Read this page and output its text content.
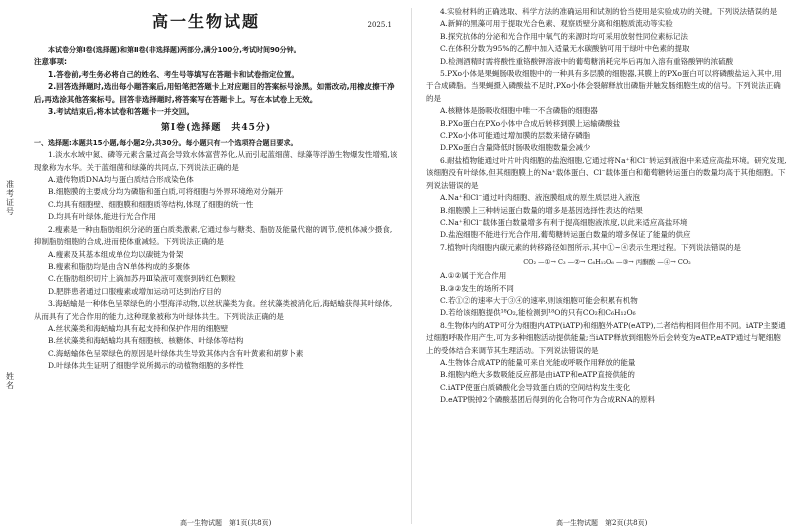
准考证号
姓名
高一生物试题	2025.1

本试卷分第Ⅰ卷(选择题)和第Ⅱ卷(非选择题)两部分,满分100分,考试时间90分钟。

注意事项:

1.答卷前,考生务必将自己的姓名、考生号等填写在答题卡和试卷指定位置。

2.回答选择题时,选出每小题答案后,用铅笔把答题卡上对应题目的答案标号涂黑。如需改动,用橡皮擦干净后,再选涂其他答案标号。回答非选择题时,将答案写在答题卡上。写在本试卷上无效。

3.考试结束后,将本试卷和答题卡一并交回。

第Ⅰ卷(选择题　共45分)

一、选择题:本题共15小题,每小题2分,共30分。每小题只有一个选项符合题目要求。

1.淡水水域中氮、磷等元素含量过高会导致水体富营养化,从而引起蓝细菌、绿藻等浮游生物爆发性增殖,该现象称为水华。关于蓝细菌和绿藻的共同点,下列说法正确的是

A.遗传物质DNA均与蛋白质结合形成染色体

B.细胞膜的主要成分均为磷脂和蛋白质,可将细胞与外界环境绝对分隔开

C.均具有细胞壁、细胞膜和细胞质等结构,体现了细胞的统一性

D.均具有叶绿体,能进行光合作用

2.瘦素是一种由脂肪组织分泌的蛋白质类激素,它通过参与糖类、脂肪及能量代谢的调节,使机体减少摄食,抑制脂肪细胞的合成,进而使体重减轻。下列说法正确的是

A.瘦素及其基本组成单位均以碳链为骨架

B.瘦素和脂肪均是由含N单体构成的多聚体

C.在脂肪组织切片上滴加苏丹Ⅲ染液可观察到砖红色颗粒

D.肥胖患者通过口服瘦素或增加运动可达到治疗目的

3.海蛞蝓是一种体色呈翠绿色的小型海洋动物,以丝状藻类为食。丝状藻类被消化后,海蛞蝓获得其叶绿体,从而具有了光合作用的能力,这种现象被称为叶绿体共生。下列说法正确的是

A.丝状藻类和海蛞蝓均具有起支持和保护作用的细胞壁

B.丝状藻类和海蛞蝓均具有细胞核、核糖体、叶绿体等结构

C.海蛞蝓体色呈翠绿色的原因是叶绿体共生导致其体内含有叶黄素和胡萝卜素

D.叶绿体共生证明了细胞学说所揭示的动植物细胞的多样性

4.实验材料的正确选取、科学方法的准确运用和试剂的恰当使用是实验成功的关键。下列说法错误的是

A.新鲜的黑藻可用于提取光合色素、观察质壁分离和细胞质流动等实验

B.探究抗体的分泌和光合作用中氧气的来源时均可采用放射性同位素标记法

C.在体积分数为95%的乙醇中加入适量无水碳酸钠可用于绿叶中色素的提取

D.检测酒精时需将酸性重铬酸钾溶液中的葡萄糖消耗完毕后再加入溶有重铬酸钾的浓硫酸

5.PXo小体是果蝇肠吸收细胞中的一种具有多层膜的细胞器,其膜上的PXo蛋白可以将磷酸盐运入其中,用于合成磷脂。当果蝇摄入磷酸盐不足时,PXo小体会裂解释放出磷脂并触发肠细胞生成的信号。下列说法正确的是

A.核糖体是肠吸收细胞中唯一不含磷脂的细胞器

B.PXo蛋白在PXo小体中合成后转移到膜上运输磷酸盐

C.PXo小体可能通过增加膜的层数来储存磷脂

D.PXo蛋白含量降低时肠吸收细胞数量会减少

6.耐盐植物能通过叶片叶肉细胞的盐泡细胞,它通过将Na⁺和Cl⁻转运到液泡中来适应高盐环境。研究发现,该细胞没有叶绿体,但其细胞膜上的Na⁺载体蛋白、Cl⁻载体蛋白和葡萄糖转运蛋白的数量均高于其他细胞。下列说法错误的是

A.Na⁺和Cl⁻通过叶肉细胞、液泡膜组成的原生质层进入液泡

B.细胞膜上三种转运蛋白数量的增多是基因选择性表达的结果

C.Na⁺和Cl⁻载体蛋白数量增多有利于提高细胞液浓度,以此来适应高盐环境

D.盐泡细胞不能进行光合作用,葡萄糖转运蛋白数量的增多保证了能量的供应

7.植物叶肉细胞内碳元素的转移路径如图所示,其中①~④表示生理过程。下列说法错误的是

CO₂ —①→ C₃ —②→ C₆H₁₂O₆ —③→ 丙酮酸 —④→ CO₂

A.①②属于光合作用

B.③②发生的场所不同

C.若①②的速率大于③④的速率,则该细胞可能会积累有机物

D.若给该细胞提供¹⁸O₂,能检测到¹⁸O的只有CO₂和C₆H₁₂O₆

8.生物体内的ATP可分为细胞内ATP(iATP)和细胞外ATP(eATP),二者结构相同但作用不同。iATP主要通过细胞呼吸作用产生,可为多种细胞活动提供能量;当iATP释放到细胞外后会转变为eATP,eATP通过与靶细胞上的受体结合来调节其生理活动。下列说法错误的是

A.生物体合成ATP的能量可来自光能或呼吸作用释放的能量

B.细胞内绝大多数吸能反应都是由iATP和eATP直接供能的

C.iATP使蛋白质磷酸化会导致蛋白质的空间结构发生变化

D.eATP脱掉2个磷酸基团后得到的化合物可作为合成RNA的原料

高一生物试题　第1页(共8页)	高一生物试题　第2页(共8页)
